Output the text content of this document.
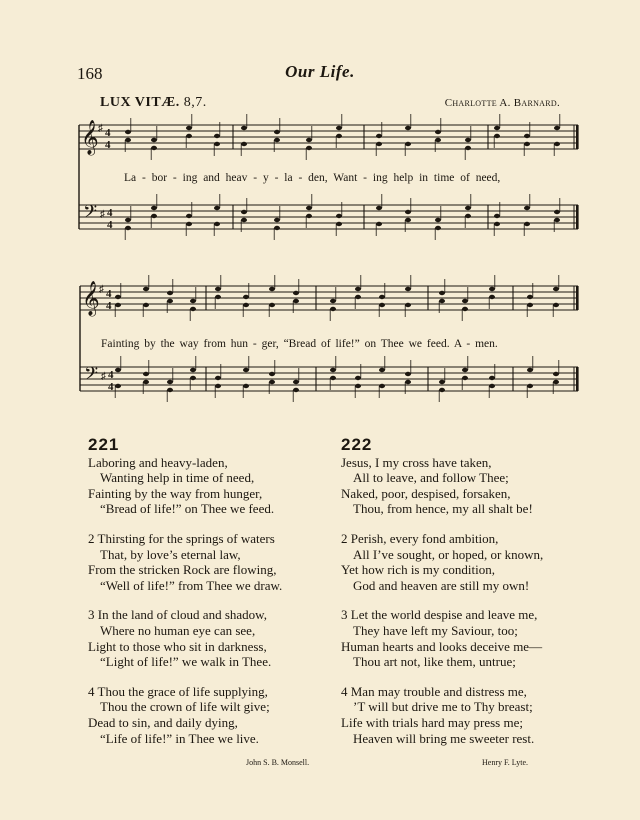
168	Our Life.
LUX VITÆ. 8,7.	Charlotte A. Barnard.
𝄞 ♯ 4
4
𝄢 ♯ 4
4
𝄞 ♯ 4
4
𝄢 ♯ 4
4
La - bor - ing and heav - y - la - den, Want - ing help in time of need,
Fainting by the way from hun - ger, “Bread of life!” on Thee we feed. A - men.
221
Laboring and heavy-laden,
Wanting help in time of need,
Fainting by the way from hunger,
“Bread of life!” on Thee we feed.
2 Thirsting for the springs of waters
That, by love’s eternal law,
From the stricken Rock are flowing,
“Well of life!” from Thee we draw.
3 In the land of cloud and shadow,
Where no human eye can see,
Light to those who sit in darkness,
“Light of life!” we walk in Thee.
4 Thou the grace of life supplying,
Thou the crown of life wilt give;
Dead to sin, and daily dying,
“Life of life!” in Thee we live.
222
Jesus, I my cross have taken,
All to leave, and follow Thee;
Naked, poor, despised, forsaken,
Thou, from hence, my all shalt be!
2 Perish, every fond ambition,
All I’ve sought, or hoped, or known,
Yet how rich is my condition,
God and heaven are still my own!
3 Let the world despise and leave me,
They have left my Saviour, too;
Human hearts and looks deceive me—
Thou art not, like them, untrue;
4 Man may trouble and distress me,
’T will but drive me to Thy breast;
Life with trials hard may press me;
Heaven will bring me sweeter rest.
John S. B. Monsell.	Henry F. Lyte.
